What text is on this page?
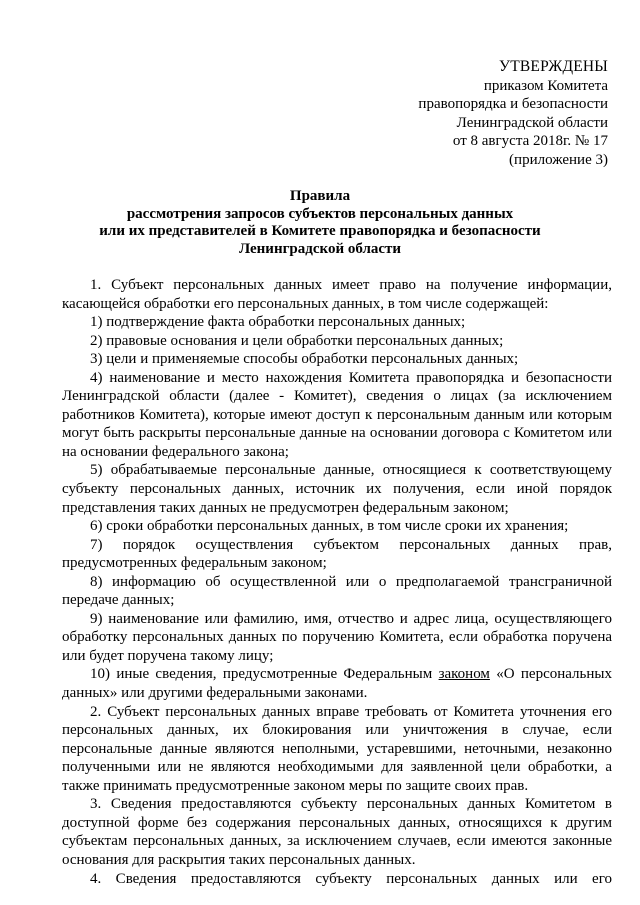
УТВЕРЖДЕНЫ
приказом Комитета
правопорядка и безопасности
Ленинградской области
от 8 августа 2018г. № 17
(приложение 3)
Правила
рассмотрения запросов субъектов персональных данных
или их представителей в Комитете правопорядка и безопасности
Ленинградской области

1. Субъект персональных данных имеет право на получение информации, касающейся обработки его персональных данных, в том числе содержащей:

1) подтверждение факта обработки персональных данных;

2) правовые основания и цели обработки персональных данных;

3) цели и применяемые способы обработки персональных данных;

4) наименование и место нахождения Комитета правопорядка и безопасности Ленинградской области (далее - Комитет), сведения о лицах (за исключением работников Комитета), которые имеют доступ к персональным данным или которым могут быть раскрыты персональные данные на основании договора с Комитетом или на основании федерального закона;

5) обрабатываемые персональные данные, относящиеся к соответствующему субъекту персональных данных, источник их получения, если иной порядок представления таких данных не предусмотрен федеральным законом;

6) сроки обработки персональных данных, в том числе сроки их хранения;

7) порядок осуществления субъектом персональных данных прав, предусмотренных федеральным законом;

8) информацию об осуществленной или о предполагаемой трансграничной передаче данных;

9) наименование или фамилию, имя, отчество и адрес лица, осуществляющего обработку персональных данных по поручению Комитета, если обработка поручена или будет поручена такому лицу;

10) иные сведения, предусмотренные Федеральным законом «О персональных данных» или другими федеральными законами.

2. Субъект персональных данных вправе требовать от Комитета уточнения его персональных данных, их блокирования или уничтожения в случае, если персональные данные являются неполными, устаревшими, неточными, незаконно полученными или не являются необходимыми для заявленной цели обработки, а также принимать предусмотренные законом меры по защите своих прав.

3. Сведения предоставляются субъекту персональных данных Комитетом в доступной форме без содержания персональных данных, относящихся к другим субъектам персональных данных, за исключением случаев, если имеются законные основания для раскрытия таких персональных данных.

4. Сведения предоставляются субъекту персональных данных или его
